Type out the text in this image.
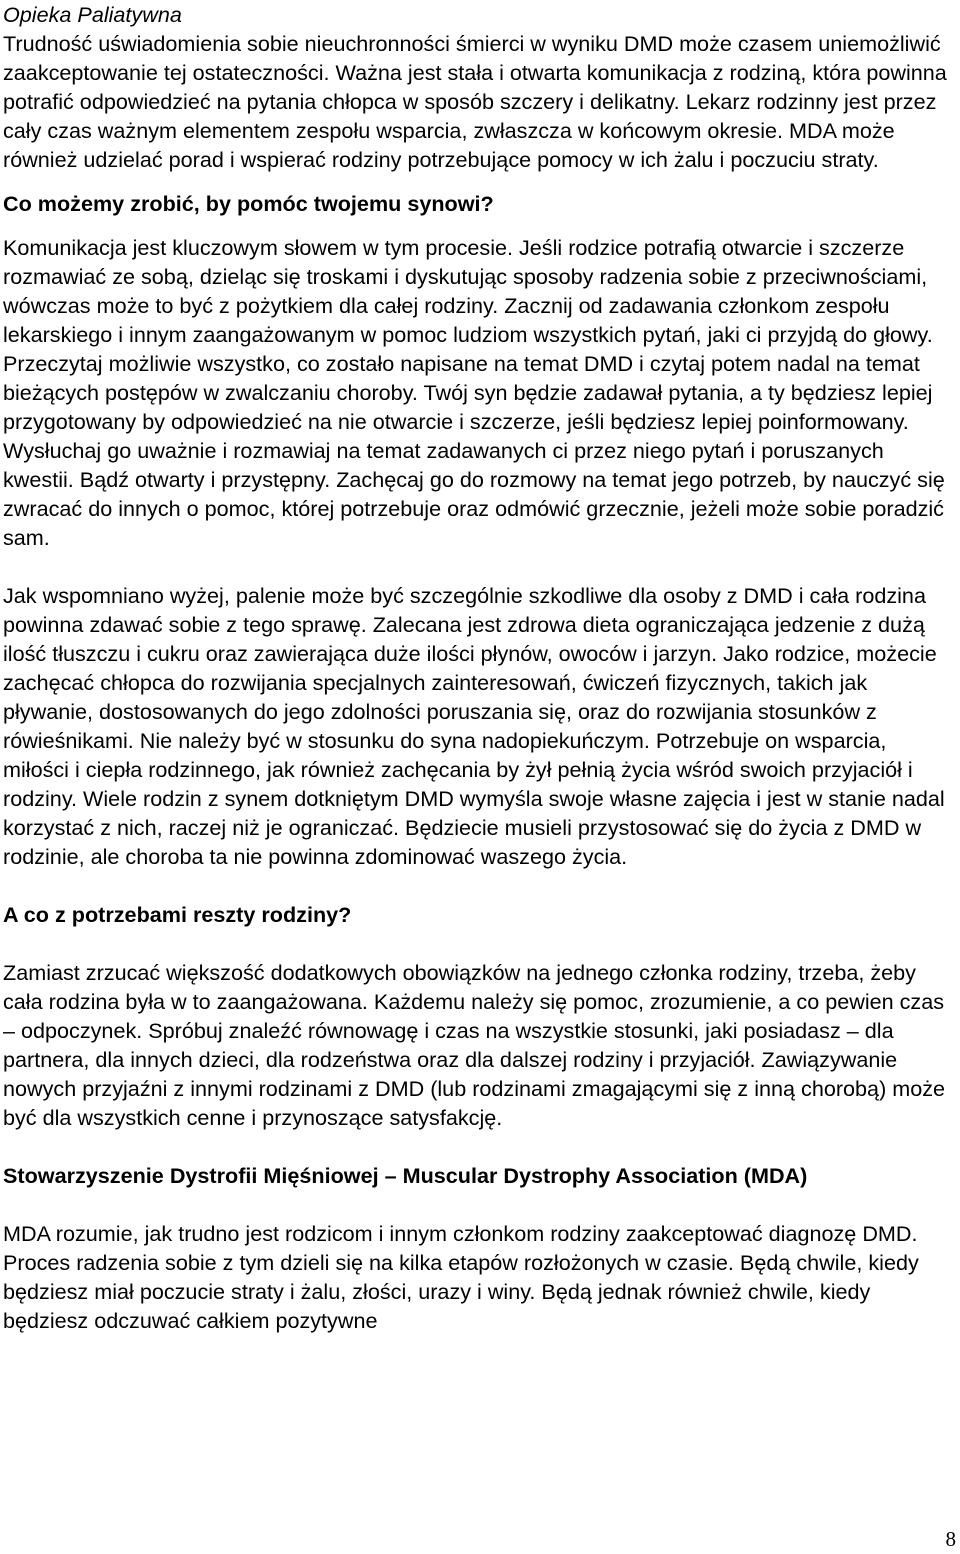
Opieka Paliatywna

Trudność uświadomienia sobie nieuchronności śmierci w wyniku DMD może czasem uniemożliwić zaakceptowanie tej ostateczności. Ważna jest stała i otwarta komunikacja z rodziną, która powinna potrafić odpowiedzieć na pytania chłopca w sposób szczery i delikatny. Lekarz rodzinny jest przez cały czas ważnym elementem zespołu wsparcia, zwłaszcza w końcowym okresie. MDA może również udzielać porad i wspierać rodziny potrzebujące pomocy w ich żalu i poczuciu straty.

Co możemy zrobić, by pomóc twojemu synowi?

Komunikacja jest kluczowym słowem w tym procesie. Jeśli rodzice potrafią otwarcie i szczerze rozmawiać ze sobą, dzieląc się troskami i dyskutując sposoby radzenia sobie z przeciwnościami, wówczas może to być z pożytkiem dla całej rodziny. Zacznij od zadawania członkom zespołu lekarskiego i innym zaangażowanym w pomoc ludziom wszystkich pytań, jaki ci przyjdą do głowy. Przeczytaj możliwie wszystko, co zostało napisane na temat DMD i czytaj potem nadal na temat bieżących postępów w zwalczaniu choroby. Twój syn będzie zadawał pytania, a ty będziesz lepiej przygotowany by odpowiedzieć na nie otwarcie i szczerze, jeśli będziesz lepiej poinformowany. Wysłuchaj go uważnie i rozmawiaj na temat zadawanych ci przez niego pytań i poruszanych kwestii. Bądź otwarty i przystępny. Zachęcaj go do rozmowy na temat jego potrzeb, by nauczyć się zwracać do innych o pomoc, której potrzebuje oraz odmówić grzecznie, jeżeli może sobie poradzić sam.

Jak wspomniano wyżej, palenie może być szczególnie szkodliwe dla osoby z DMD i cała rodzina powinna zdawać sobie z tego sprawę. Zalecana jest zdrowa dieta ograniczająca jedzenie z dużą ilość tłuszczu i cukru oraz zawierająca duże ilości płynów, owoców i jarzyn. Jako rodzice, możecie zachęcać chłopca do rozwijania specjalnych zainteresowań, ćwiczeń fizycznych, takich jak pływanie, dostosowanych do jego zdolności poruszania się, oraz do rozwijania stosunków z rówieśnikami. Nie należy być w stosunku do syna nadopiekuńczym. Potrzebuje on wsparcia, miłości i ciepła rodzinnego, jak również zachęcania by żył pełnią życia wśród swoich przyjaciół i rodziny. Wiele rodzin z synem dotkniętym DMD wymyśla swoje własne zajęcia i jest w stanie nadal korzystać z nich, raczej niż je ograniczać. Będziecie musieli przystosować się do życia z DMD w rodzinie, ale choroba ta nie powinna zdominować waszego życia.

A co z potrzebami reszty rodziny?

Zamiast zrzucać większość dodatkowych obowiązków na jednego członka rodziny, trzeba, żeby cała rodzina była w to zaangażowana. Każdemu należy się pomoc, zrozumienie, a co pewien czas – odpoczynek. Spróbuj znaleźć równowagę i czas na wszystkie stosunki, jaki posiadasz – dla partnera, dla innych dzieci, dla rodzeństwa oraz dla dalszej rodziny i przyjaciół. Zawiązywanie nowych przyjaźni z innymi rodzinami z DMD (lub rodzinami zmagającymi się z inną chorobą) może być dla wszystkich cenne i przynoszące satysfakcję.

Stowarzyszenie Dystrofii Mięśniowej – Muscular Dystrophy Association (MDA)

MDA rozumie, jak trudno jest rodzicom i innym członkom rodziny zaakceptować diagnozę DMD. Proces radzenia sobie z tym dzieli się na kilka etapów rozłożonych w czasie. Będą chwile, kiedy będziesz miał poczucie straty i żalu, złości, urazy i winy. Będą jednak również chwile, kiedy będziesz odczuwać całkiem pozytywne

8
